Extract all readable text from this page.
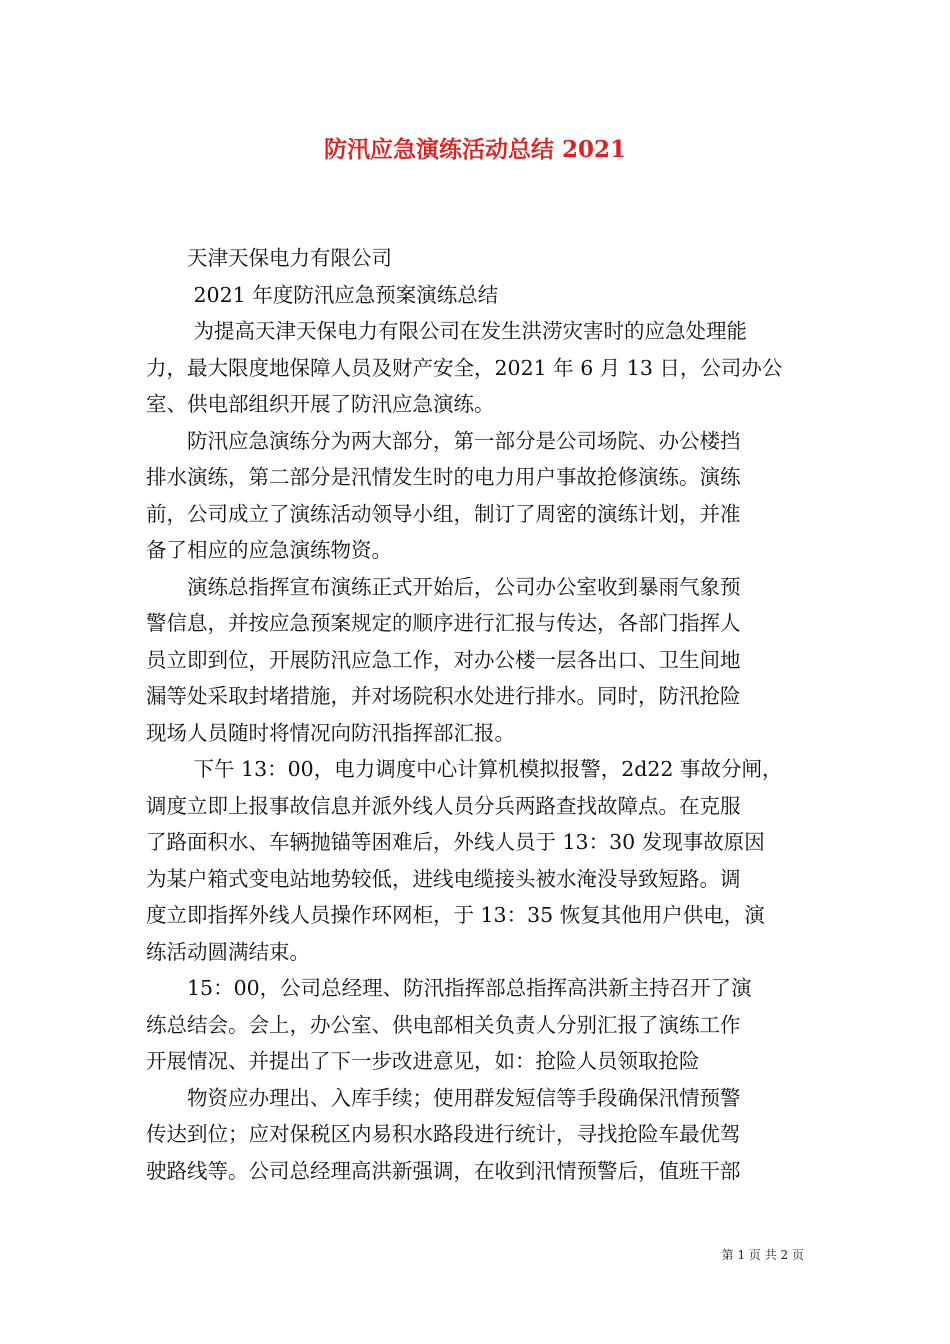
防汛应急演练活动总结 2021
　　天津天保电力有限公司
　　 2021 年度防汛应急预案演练总结
　　 为提高天津天保电力有限公司在发生洪涝灾害时的应急处理能
力，最大限度地保障人员及财产安全，2021 年 6 月 13 日，公司办公
室、供电部组织开展了防汛应急演练。
　　防汛应急演练分为两大部分，第一部分是公司场院、办公楼挡
排水演练，第二部分是汛情发生时的电力用户事故抢修演练。演练
前，公司成立了演练活动领导小组，制订了周密的演练计划，并准
备了相应的应急演练物资。
　　演练总指挥宣布演练正式开始后，公司办公室收到暴雨气象预
警信息，并按应急预案规定的顺序进行汇报与传达，各部门指挥人
员立即到位，开展防汛应急工作，对办公楼一层各出口、卫生间地
漏等处采取封堵措施，并对场院积水处进行排水。同时，防汛抢险
现场人员随时将情况向防汛指挥部汇报。
　　 下午 13：00，电力调度中心计算机模拟报警，2d22 事故分闸，
调度立即上报事故信息并派外线人员分兵两路查找故障点。在克服
了路面积水、车辆抛锚等困难后，外线人员于 13：30 发现事故原因
为某户箱式变电站地势较低，进线电缆接头被水淹没导致短路。调
度立即指挥外线人员操作环网柜，于 13：35 恢复其他用户供电，演
练活动圆满结束。
　　15：00，公司总经理、防汛指挥部总指挥高洪新主持召开了演
练总结会。会上，办公室、供电部相关负责人分别汇报了演练工作
开展情况、并提出了下一步改进意见，如：抢险人员领取抢险
　　物资应办理出、入库手续；使用群发短信等手段确保汛情预警
传达到位；应对保税区内易积水路段进行统计，寻找抢险车最优驾
驶路线等。公司总经理高洪新强调，在收到汛情预警后，值班干部
第 1 页 共 2 页
